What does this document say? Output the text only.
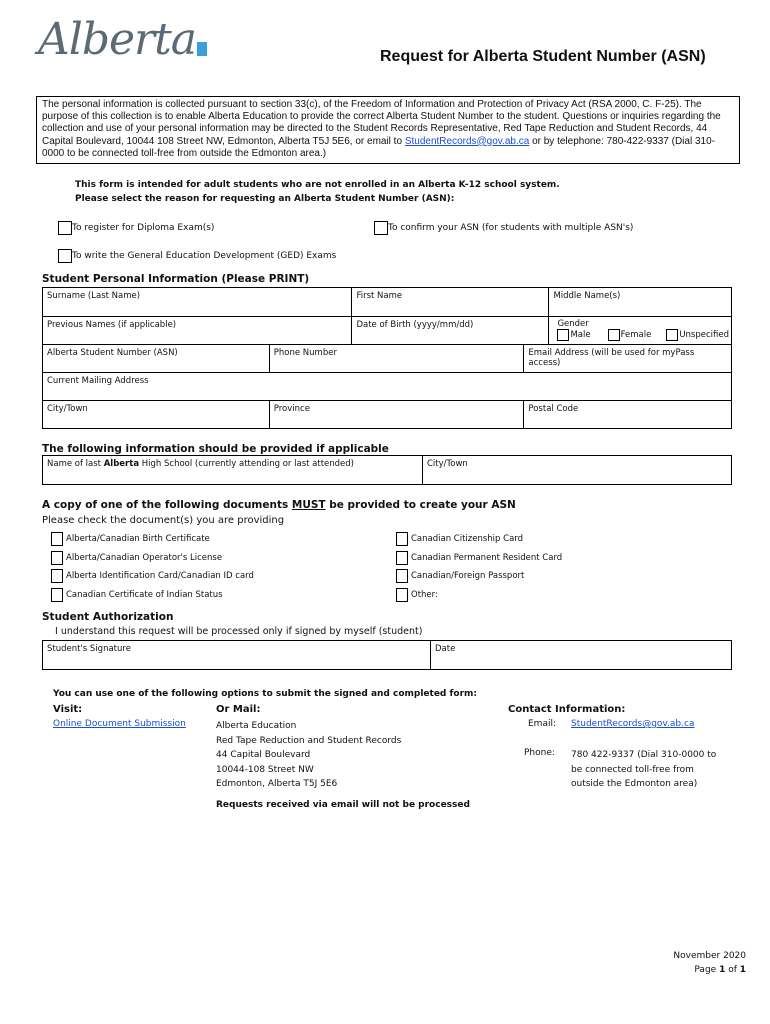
Alberta	Request for Alberta Student Number (ASN)
The personal information is collected pursuant to section 33(c), of the Freedom of Information and Protection of Privacy Act (RSA 2000, C. F-25). The purpose of this collection is to enable Alberta Education to provide the correct Alberta Student Number to the student. Questions or inquiries regarding the collection and use of your personal information may be directed to the Student Records Representative, Red Tape Reduction and Student Records, 44 Capital Boulevard, 10044 108 Street NW, Edmonton, Alberta T5J 5E6, or email to StudentRecords@gov.ab.ca or by telephone: 780-422-9337 (Dial 310-0000 to be connected toll-free from outside the Edmonton area.)
This form is intended for adult students who are not enrolled in an Alberta K-12 school system.
Please select the reason for requesting an Alberta Student Number (ASN):
To register for Diploma Exam(s)	To confirm your ASN (for students with multiple ASN's)
To write the General Education Development (GED) Exams
Student Personal Information (Please PRINT)
Surname (Last Name)		First Name		Middle Name(s)
Previous Names (if applicable)		Date of Birth (yyyy/mm/dd)		Gender
Male Female Unspecified

Alberta Student Number (ASN)	Phone Number		Email Address (will be used for myPass access)	
Current Mailing Address				
City/Town	Province		Postal Code	
The following information should be provided if applicable
Name of last Alberta High School (currently attending or last attended)	City/Town
A copy of one of the following documents MUST be provided to create your ASN
Please check the document(s) you are providing
Alberta/Canadian Birth Certificate
Alberta/Canadian Operator's License
Alberta Identification Card/Canadian ID card
Canadian Certificate of Indian Status
Canadian Citizenship Card
Canadian Permanent Resident Card
Canadian/Foreign Passport
Other:
Student Authorization
I understand this request will be processed only if signed by myself (student)
Student's Signature	Date
You can use one of the following options to submit the signed and completed form:
Visit:
Online Document Submission
Or Mail:
Alberta Education
Red Tape Reduction and Student Records
44 Capital Boulevard
10044-108 Street NW
Edmonton, Alberta T5J 5E6
Requests received via email will not be processed
Contact Information:
Email: StudentRecords@gov.ab.ca
Phone: 780 422-9337 (Dial 310-0000 to
be connected toll-free from
outside the Edmonton area)
November 2020
Page 1 of 1
